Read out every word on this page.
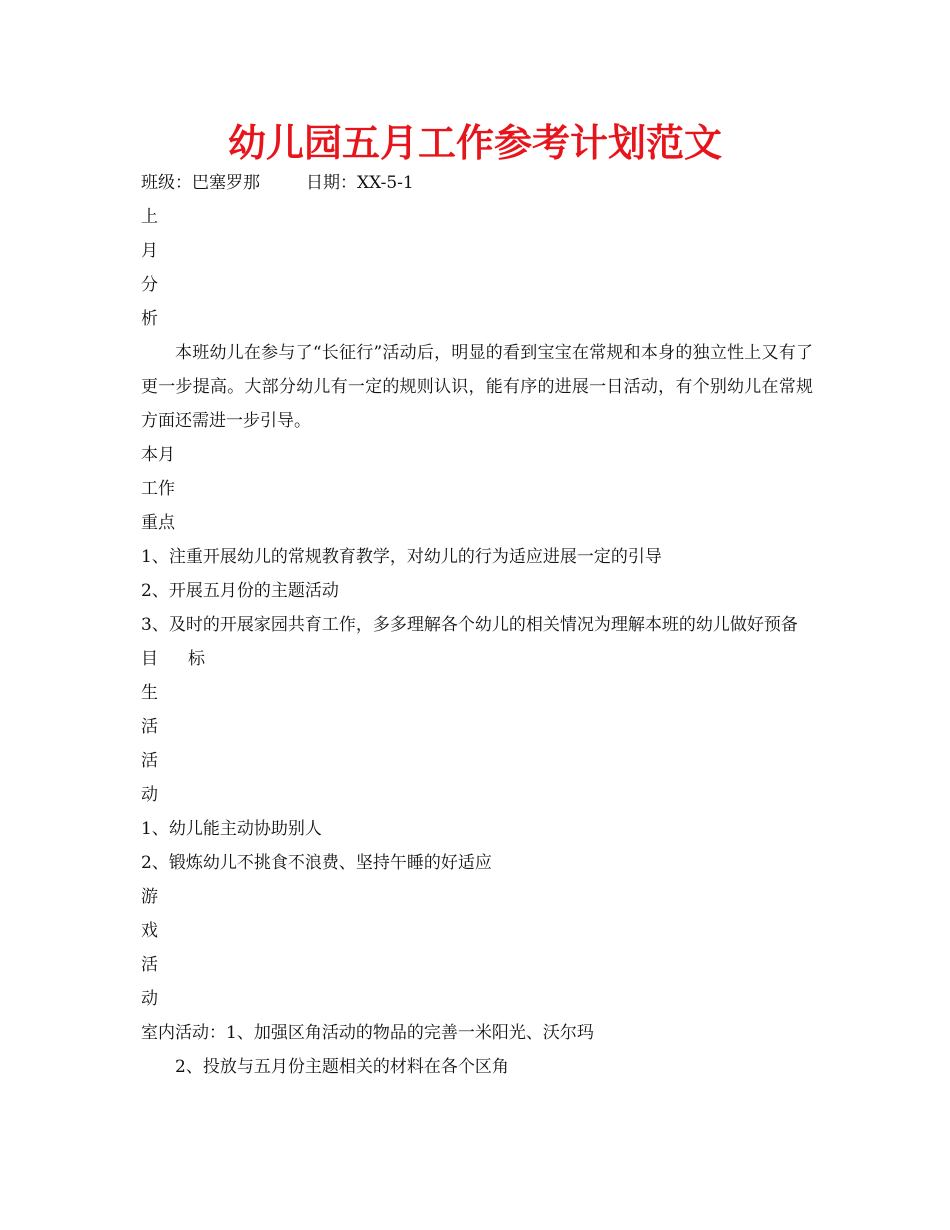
幼儿园五月工作参考计划范文
班级：巴塞罗那	日期：XX-5-1
上
月
分
析
本班幼儿在参与了“长征行”活动后，明显的看到宝宝在常规和本身的独立性上又有了更一步提高。大部分幼儿有一定的规则认识，能有序的进展一日活动，有个别幼儿在常规方面还需进一步引导。
本月
工作
重点
1、注重开展幼儿的常规教育教学，对幼儿的行为适应进展一定的引导
2、开展五月份的主题活动
3、及时的开展家园共育工作，多多理解各个幼儿的相关情况为理解本班的幼儿做好预备
目 标
生
活
活
动
1、幼儿能主动协助别人
2、锻炼幼儿不挑食不浪费、坚持午睡的好适应
游
戏
活
动
室内活动：1、加强区角活动的物品的完善一米阳光、沃尔玛
2、投放与五月份主题相关的材料在各个区角
